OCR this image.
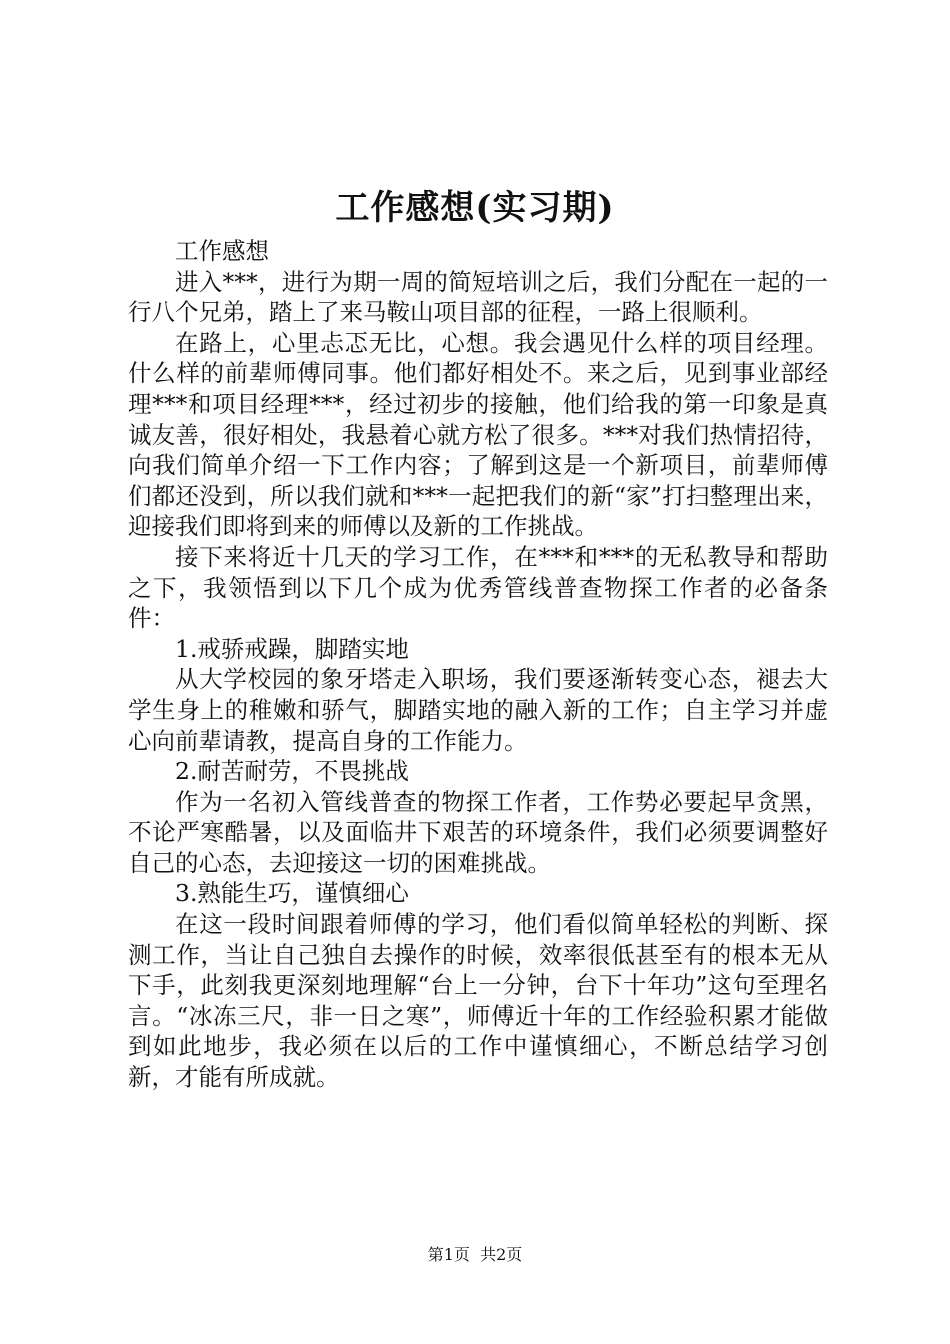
工作感想(实习期)

工作感想

进入***，进行为期一周的简短培训之后，我们分配在一起的一行八个兄弟，踏上了来马鞍山项目部的征程，一路上很顺利。

在路上，心里忐忑无比，心想。我会遇见什么样的项目经理。什么样的前辈师傅同事。他们都好相处不。来之后，见到事业部经理***和项目经理***，经过初步的接触，他们给我的第一印象是真诚友善，很好相处，我悬着心就方松了很多。***对我们热情招待，向我们简单介绍一下工作内容；了解到这是一个新项目，前辈师傅们都还没到，所以我们就和***一起把我们的新“家”打扫整理出来，迎接我们即将到来的师傅以及新的工作挑战。

接下来将近十几天的学习工作，在***和***的无私教导和帮助之下，我领悟到以下几个成为优秀管线普查物探工作者的必备条件：

1.戒骄戒躁，脚踏实地

从大学校园的象牙塔走入职场，我们要逐渐转变心态，褪去大学生身上的稚嫩和骄气，脚踏实地的融入新的工作；自主学习并虚心向前辈请教，提高自身的工作能力。

2.耐苦耐劳，不畏挑战

作为一名初入管线普查的物探工作者，工作势必要起早贪黑，不论严寒酷暑，以及面临井下艰苦的环境条件，我们必须要调整好自己的心态，去迎接这一切的困难挑战。

3.熟能生巧，谨慎细心

在这一段时间跟着师傅的学习，他们看似简单轻松的判断、探测工作，当让自己独自去操作的时候，效率很低甚至有的根本无从下手，此刻我更深刻地理解“台上一分钟，台下十年功”这句至理名言。“冰冻三尺，非一日之寒”，师傅近十年的工作经验积累才能做到如此地步，我必须在以后的工作中谨慎细心，不断总结学习创新，才能有所成就。

第1页  共2页
